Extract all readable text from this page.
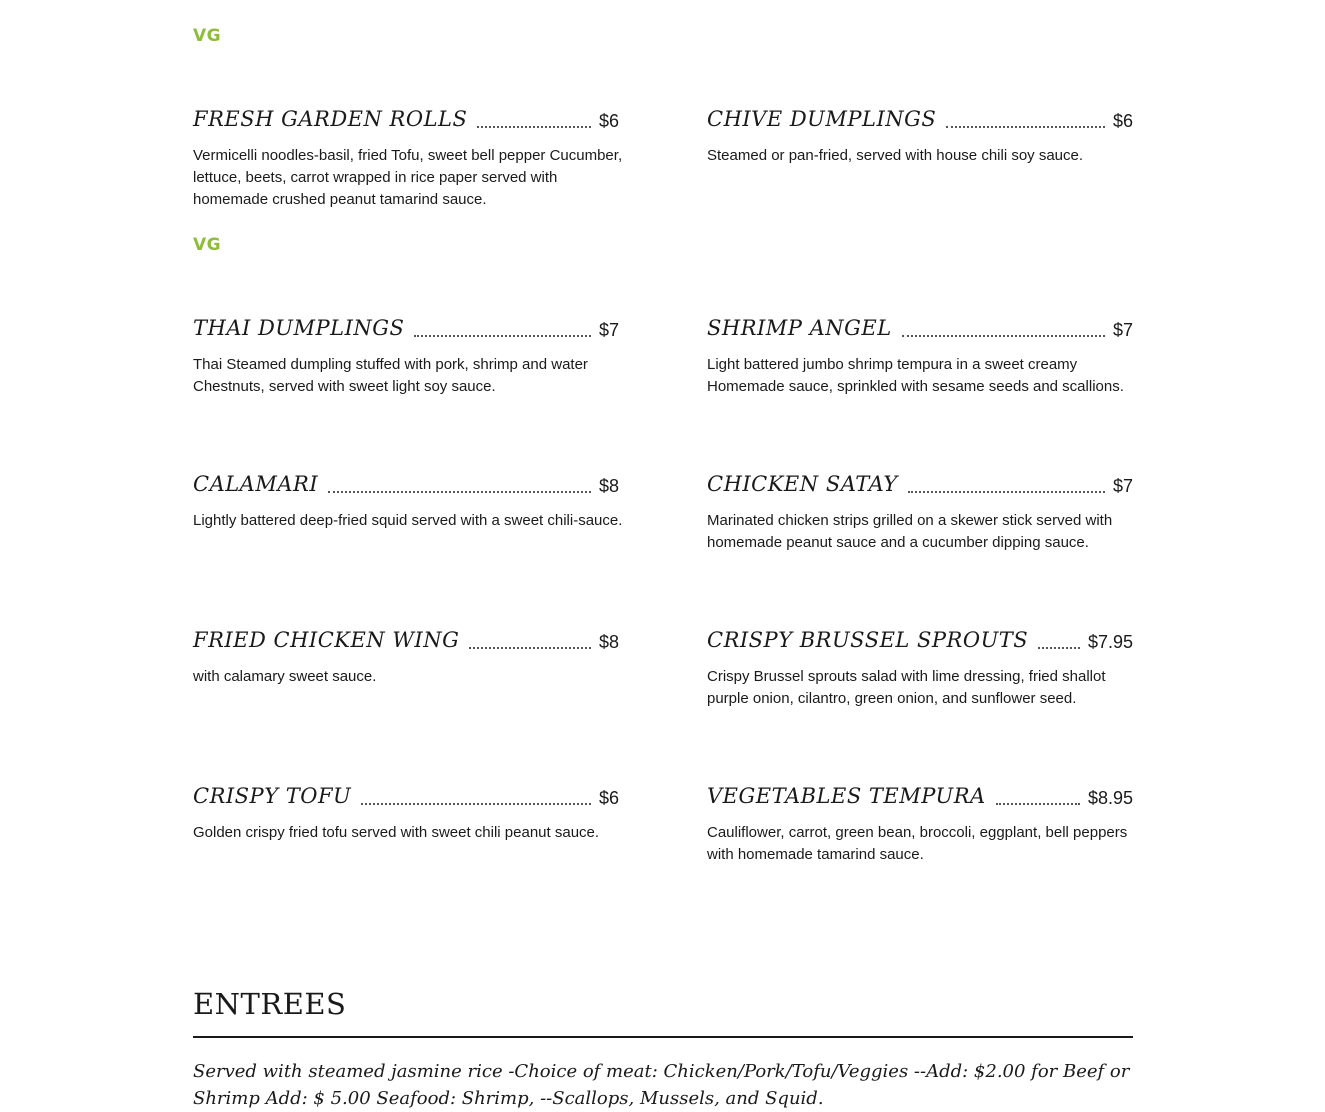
VG
FRESH GARDEN ROLLS	$6
Vermicelli noodles-basil, fried Tofu, sweet bell pepper Cucumber, lettuce, beets, carrot wrapped in rice paper served with homemade crushed peanut tamarind sauce.
CHIVE DUMPLINGS	$6
Steamed or pan-fried, served with house chili soy sauce.
VG
THAI DUMPLINGS	$7
Thai Steamed dumpling stuffed with pork, shrimp and water Chestnuts, served with sweet light soy sauce.
SHRIMP ANGEL	$7
Light battered jumbo shrimp tempura in a sweet creamy Homemade sauce, sprinkled with sesame seeds and scallions.
CALAMARI	$8
Lightly battered deep-fried squid served with a sweet chili-sauce.
CHICKEN SATAY	$7
Marinated chicken strips grilled on a skewer stick served with homemade peanut sauce and a cucumber dipping sauce.
FRIED CHICKEN WING	$8
with calamary sweet sauce.
CRISPY BRUSSEL SPROUTS	$7.95
Crispy Brussel sprouts salad with lime dressing, fried shallot purple onion, cilantro, green onion, and sunflower seed.
CRISPY TOFU	$6
Golden crispy fried tofu served with sweet chili peanut sauce.
VEGETABLES TEMPURA	$8.95
Cauliflower, carrot, green bean, broccoli, eggplant, bell peppers with homemade tamarind sauce.
ENTREES
Served with steamed jasmine rice -Choice of meat: Chicken/Pork/Tofu/Veggies --Add: $2.00 for Beef or Shrimp Add: $ 5.00 Seafood: Shrimp, --Scallops, Mussels, and Squid.
